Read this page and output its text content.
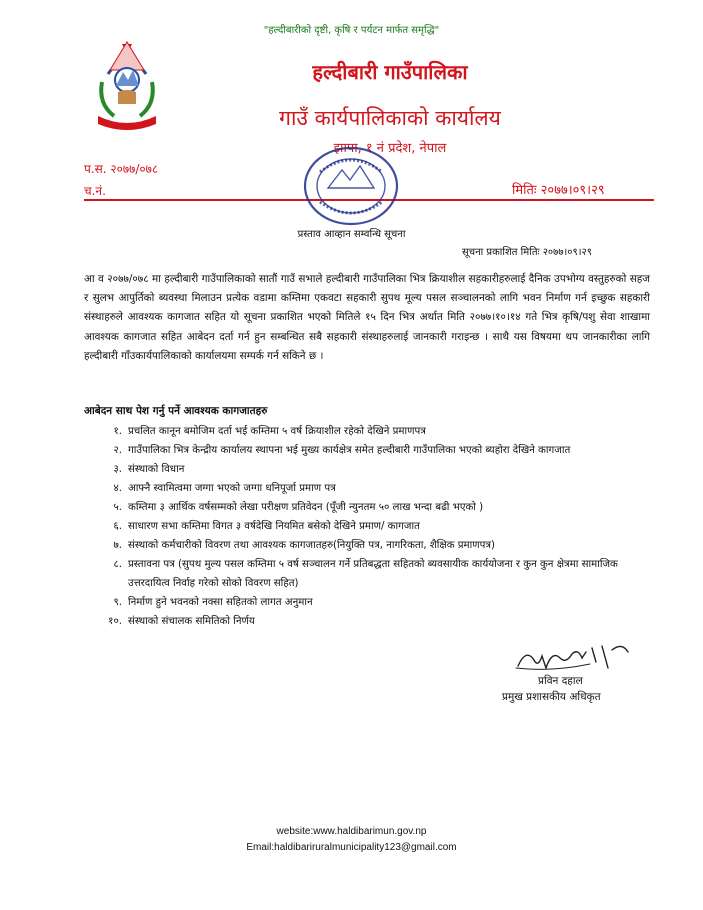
"हल्दीबारीको दृष्टी, कृषि र पर्यटन मार्फत समृद्धि"
हल्दीबारी गाउँपालिका
गाउँ कार्यपालिकाको कार्यालय
झापा, १ नं प्रदेश, नेपाल
प.स. २०७७/०७८
च.नं.	मितिः २०७७।०९।२९
प्रस्ताव आव्हान सम्वन्धि सूचना
सूचना प्रकाशित मितिः २०७७।०९।२९
आ व २०७७/०७८ मा हल्दीबारी गाउँपालिकाको सातौं गाउँ सभाले हल्दीबारी गाउँपालिका भित्र क्रियाशील सहकारीहरुलाई दैनिक उपभोग्य वस्तुहरुको सहज र सुलभ आपुर्तिको ब्यवस्था मिलाउन प्रत्येक वडामा कम्तिमा एकवटा सहकारी सुपथ मूल्य पसल सञ्चालनको लागि भवन निर्माण गर्न इच्छुक सहकारी संस्थाहरुले आवश्यक कागजात सहित यो सूचना प्रकाशित भएको मितिले १५ दिन भित्र अर्थात मिति २०७७।१०।१४ गते भित्र कृषि/पशु सेवा शाखामा आवश्यक कागजात सहित आबेदन दर्ता गर्न हुन सम्बन्धित सबै सहकारी संस्थाहरुलाई जानकारी गराइन्छ । साथै यस विषयमा थप जानकारीका लागि हल्दीबारी गाँउकार्यपालिकाको कार्यालयमा सम्पर्क गर्न सकिने छ ।
आबेदन साथ पेश गर्नु पर्ने आवश्यक कागजातहरु
१. प्रचलित कानून बमोजिम दर्ता भई कम्तिमा ५ वर्ष क्रियाशील रहेको देखिने प्रमाणपत्र
२. गाउँपालिका भित्र केन्द्रीय कार्यालय स्थापना भई मुख्य कार्यक्षेत्र समेत हल्दीबारी गाउँपालिका भएको ब्यहोरा देखिने कागजात
३. संस्थाको विधान
४. आफ्नै स्वामित्वमा जग्गा भएको जग्गा धनिपूर्जा प्रमाण पत्र
५. कम्तिमा ३ आर्थिक वर्षसम्मको लेखा परीक्षण प्रतिवेदन (पूँजी न्युनतम ५० लाख भन्दा बढी भएको )
६. साधारण सभा कम्तिमा विगत ३ वर्षदेखि नियमित बसेको देखिने प्रमाण/ कागजात
७. संस्थाको कर्मचारीको विवरण तथा आवश्यक कागजातहरु(नियुक्ति पत्र, नागरिकता, शैक्षिक प्रमाणपत्र)
८. प्रस्तावना पत्र (सुपथ मुल्य पसल कम्तिमा ५ वर्ष सञ्चालन गर्ने प्रतिबद्धता सहितको ब्यवसायीक कार्ययोजना र कुन कुन क्षेत्रमा सामाजिक उत्तरदायित्व निर्वाह गरेको सोको विवरण सहित)
९. निर्माण हुने भवनको नक्सा सहितको लागत अनुमान
१०. संस्थाको संचालक समितिको निर्णय
प्रविन दहाल
प्रमुख प्रशासकीय अधिकृत
website:www.haldibarimun.gov.np
Email:haldibariruralmunicipality123@gmail.com
